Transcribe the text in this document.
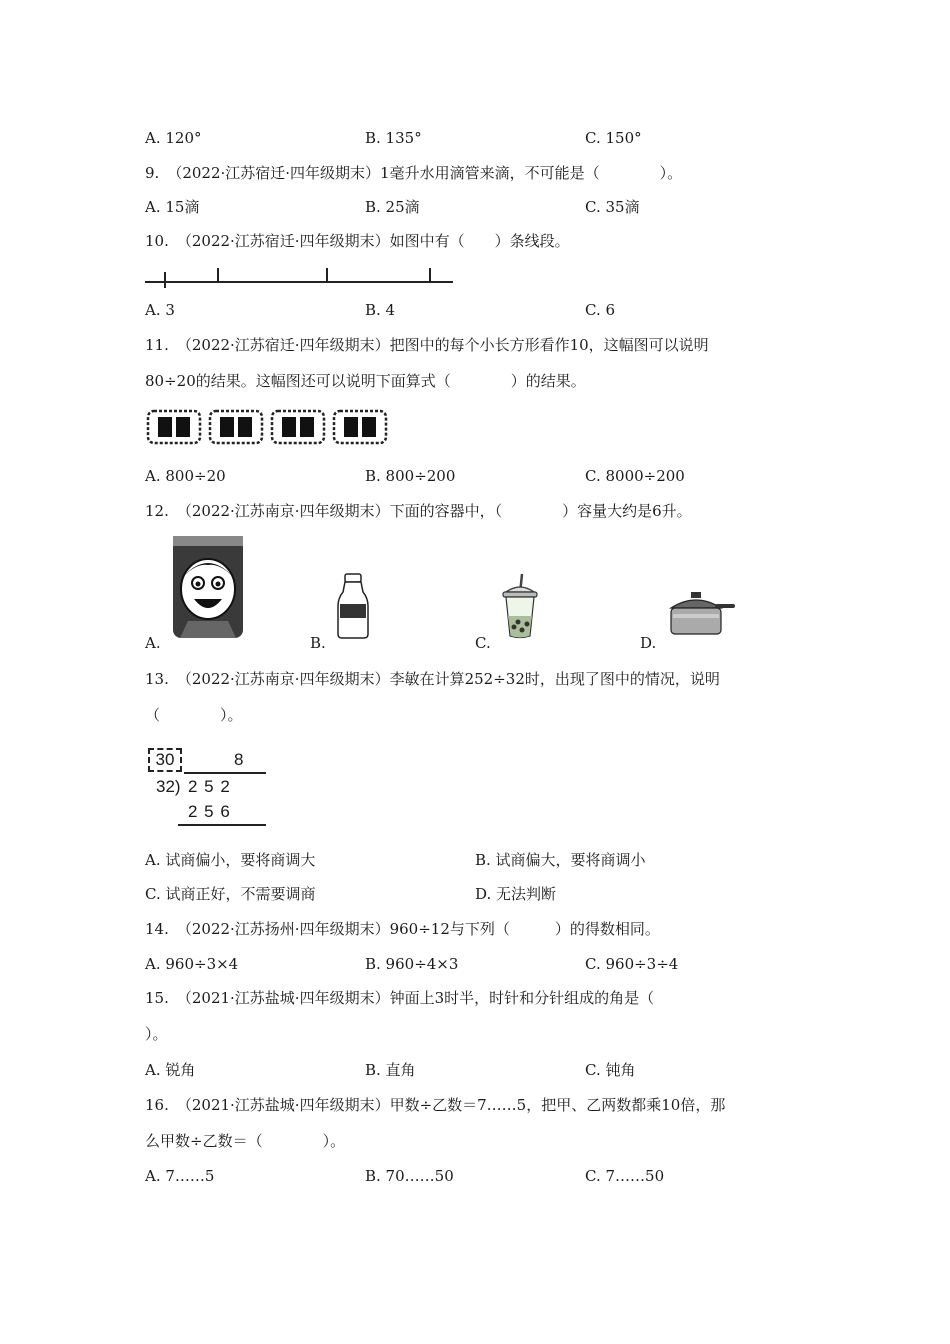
A. 120°	B. 135°	C. 150°
9. （2022·江苏宿迁·四年级期末）1毫升水用滴管来滴，不可能是（　　　　）。
A. 15滴	B. 25滴	C. 35滴
10. （2022·江苏宿迁·四年级期末）如图中有（　　）条线段。
A. 3	B. 4	C. 6
11. （2022·江苏宿迁·四年级期末）把图中的每个小长方形看作10，这幅图可以说明
80÷20的结果。这幅图还可以说明下面算式（　　　　）的结果。
A. 800÷20	B. 800÷200	C. 8000÷200
12. （2022·江苏南京·四年级期末）下面的容器中，（　　　　）容量大约是6升。
A.	B.	C.	D.
13. （2022·江苏南京·四年级期末）李敏在计算252÷32时，出现了图中的情况，说明
（　　　　）。
30	8
32) 2 5 2
2 5 6
A. 试商偏小，要将商调大	B. 试商偏大，要将商调小
C. 试商正好，不需要调商	D. 无法判断
14. （2022·江苏扬州·四年级期末）960÷12与下列（　　　）的得数相同。
A. 960÷3×4	B. 960÷4×3	C. 960÷3÷4
15. （2021·江苏盐城·四年级期末）钟面上3时半，时针和分针组成的角是（
）。
A. 锐角	B. 直角	C. 钝角
16. （2021·江苏盐城·四年级期末）甲数÷乙数＝7……5，把甲、乙两数都乘10倍，那
么甲数÷乙数＝（　　　　）。
A. 7……5	B. 70……50	C. 7……50
